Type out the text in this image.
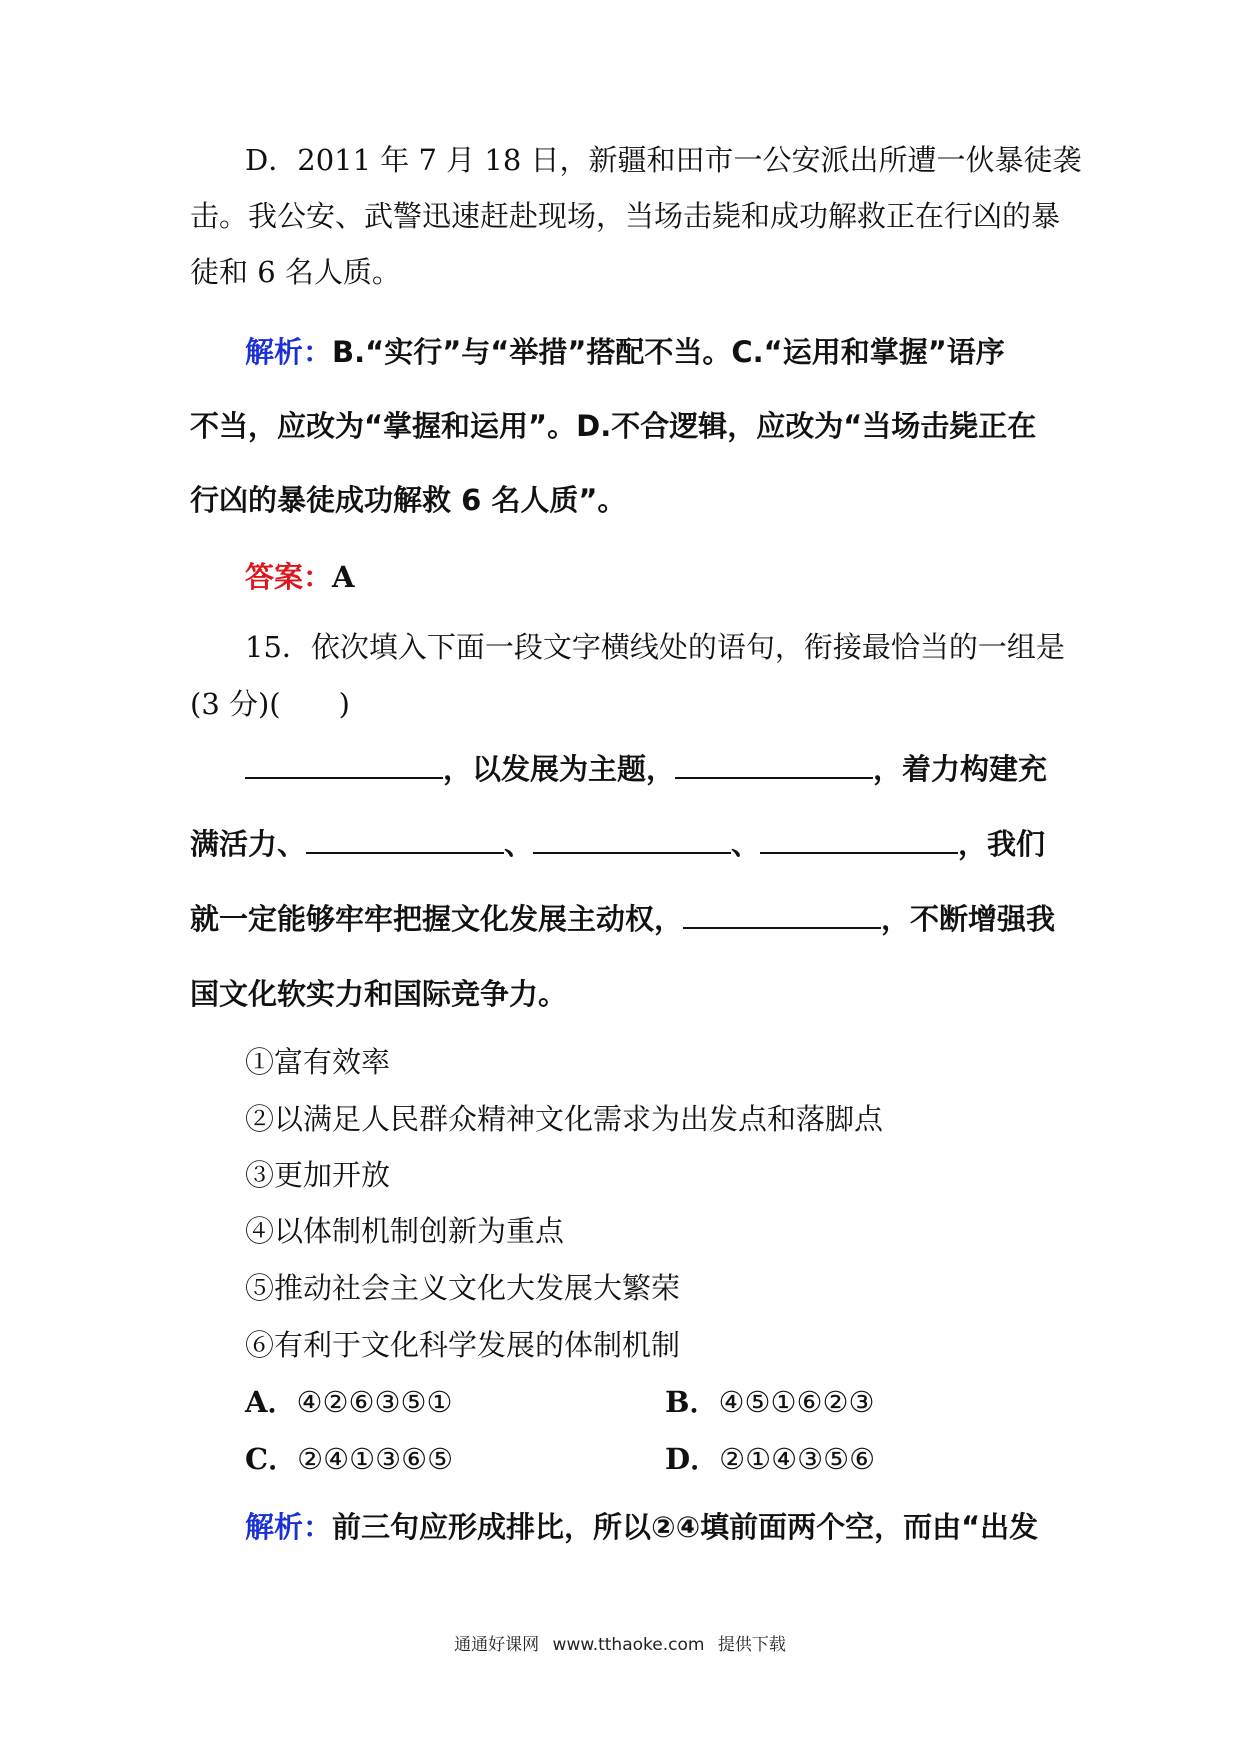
D．2011 年 7 月 18 日，新疆和田市一公安派出所遭一伙暴徒袭
击。我公安、武警迅速赶赴现场，当场击毙和成功解救正在行凶的暴
徒和 6 名人质。
解析：B.“实行”与“举措”搭配不当。C.“运用和掌握”语序
不当，应改为“掌握和运用”。D.不合逻辑，应改为“当场击毙正在
行凶的暴徒成功解救 6 名人质”。
答案：A
15．依次填入下面一段文字横线处的语句，衔接最恰当的一组是
(3 分)(　　)
，以发展为主题，	，着力构建充
满活力、	、	、	，我们
就一定能够牢牢把握文化发展主动权，	，不断增强我
国文化软实力和国际竞争力。
①富有效率
②以满足人民群众精神文化需求为出发点和落脚点
③更加开放
④以体制机制创新为重点
⑤推动社会主义文化大发展大繁荣
⑥有利于文化科学发展的体制机制
A．④②⑥③⑤①	B．④⑤①⑥②③
C．②④①③⑥⑤	D．②①④③⑤⑥
解析：前三句应形成排比，所以②④填前面两个空，而由“出发
通通好课网 www.tthaoke.com 提供下载
